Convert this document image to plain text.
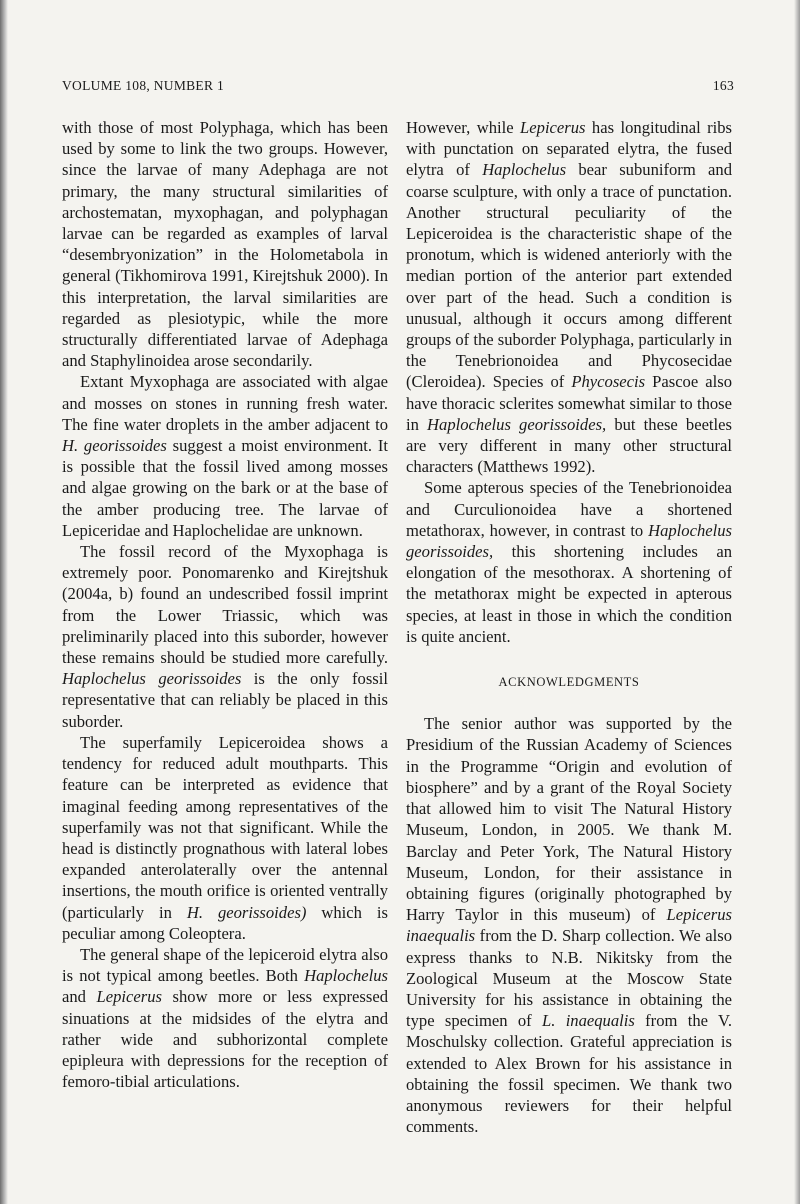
VOLUME 108, NUMBER 1	163

with those of most Polyphaga, which has been used by some to link the two groups. However, since the larvae of many Adephaga are not primary, the many structural similarities of archostematan, myxophagan, and polyphagan larvae can be regarded as examples of larval “desembryonization” in the Holometabola in general (Tikhomirova 1991, Kirejtshuk 2000). In this interpretation, the larval similarities are regarded as plesiotypic, while the more structurally differentiated larvae of Adephaga and Staphylinoidea arose secondarily.

Extant Myxophaga are associated with algae and mosses on stones in running fresh water. The fine water droplets in the amber adjacent to H. georissoides suggest a moist environment. It is possible that the fossil lived among mosses and algae growing on the bark or at the base of the amber producing tree. The larvae of Lepiceridae and Haplochelidae are unknown.

The fossil record of the Myxophaga is extremely poor. Ponomarenko and Kirejtshuk (2004a, b) found an undescribed fossil imprint from the Lower Triassic, which was preliminarily placed into this suborder, however these remains should be studied more carefully. Haplochelus georissoides is the only fossil representative that can reliably be placed in this suborder.

The superfamily Lepiceroidea shows a tendency for reduced adult mouthparts. This feature can be interpreted as evidence that imaginal feeding among representatives of the superfamily was not that significant. While the head is distinctly prognathous with lateral lobes expanded anterolaterally over the antennal insertions, the mouth orifice is oriented ventrally (particularly in H. georissoides) which is peculiar among Coleoptera.

The general shape of the lepiceroid elytra also is not typical among beetles. Both Haplochelus and Lepicerus show more or less expressed sinuations at the midsides of the elytra and rather wide and subhorizontal complete epipleura with depressions for the reception of femoro-tibial articulations.

However, while Lepicerus has longitudinal ribs with punctation on separated elytra, the fused elytra of Haplochelus bear subuniform and coarse sculpture, with only a trace of punctation. Another structural peculiarity of the Lepiceroidea is the characteristic shape of the pronotum, which is widened anteriorly with the median portion of the anterior part extended over part of the head. Such a condition is unusual, although it occurs among different groups of the suborder Polyphaga, particularly in the Tenebrionoidea and Phycosecidae (Cleroidea). Species of Phycosecis Pascoe also have thoracic sclerites somewhat similar to those in Haplochelus georissoides, but these beetles are very different in many other structural characters (Matthews 1992).

Some apterous species of the Tenebrionoidea and Curculionoidea have a shortened metathorax, however, in contrast to Haplochelus georissoides, this shortening includes an elongation of the mesothorax. A shortening of the metathorax might be expected in apterous species, at least in those in which the condition is quite ancient.

ACKNOWLEDGMENTS

The senior author was supported by the Presidium of the Russian Academy of Sciences in the Programme “Origin and evolution of biosphere” and by a grant of the Royal Society that allowed him to visit The Natural History Museum, London, in 2005. We thank M. Barclay and Peter York, The Natural History Museum, London, for their assistance in obtaining figures (originally photographed by Harry Taylor in this museum) of Lepicerus inaequalis from the D. Sharp collection. We also express thanks to N.B. Nikitsky from the Zoological Museum at the Moscow State University for his assistance in obtaining the type specimen of L. inaequalis from the V. Moschulsky collection. Grateful appreciation is extended to Alex Brown for his assistance in obtaining the fossil specimen. We thank two anonymous reviewers for their helpful comments.
